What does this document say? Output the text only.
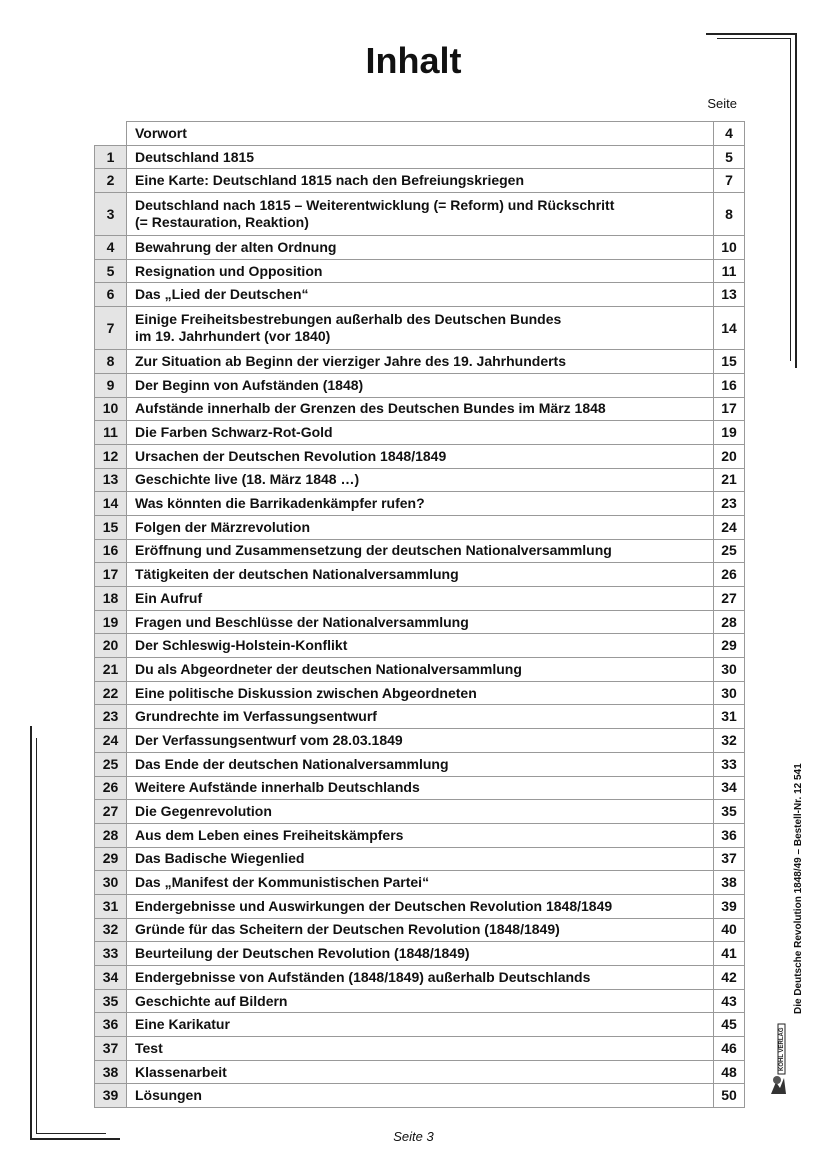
Inhalt
Seite
	Vorwort	4
1	Deutschland 1815	5
2	Eine Karte: Deutschland 1815 nach den Befreiungskriegen	7
3	Deutschland nach 1815 – Weiterentwicklung (= Reform) und Rückschritt
(= Restauration, Reaktion)	8
4	Bewahrung der alten Ordnung	10
5	Resignation und Opposition	11
6	Das „Lied der Deutschen“	13
7	Einige Freiheitsbestrebungen außerhalb des Deutschen Bundes
im 19. Jahrhundert (vor 1840)	14
8	Zur Situation ab Beginn der vierziger Jahre des 19. Jahrhunderts	15
9	Der Beginn von Aufständen (1848)	16
10	Aufstände innerhalb der Grenzen des Deutschen Bundes im März 1848	17
11	Die Farben Schwarz-Rot-Gold	19
12	Ursachen der Deutschen Revolution 1848/1849	20
13	Geschichte live (18. März 1848 …)	21
14	Was könnten die Barrikadenkämpfer rufen?	23
15	Folgen der Märzrevolution	24
16	Eröffnung und Zusammensetzung der deutschen Nationalversammlung	25
17	Tätigkeiten der deutschen Nationalversammlung	26
18	Ein Aufruf	27
19	Fragen und Beschlüsse der Nationalversammlung	28
20	Der Schleswig-Holstein-Konflikt	29
21	Du als Abgeordneter der deutschen Nationalversammlung	30
22	Eine politische Diskussion zwischen Abgeordneten	30
23	Grundrechte im Verfassungsentwurf	31
24	Der Verfassungsentwurf vom 28.03.1849	32
25	Das Ende der deutschen Nationalversammlung	33
26	Weitere Aufstände innerhalb Deutschlands	34
27	Die Gegenrevolution	35
28	Aus dem Leben eines Freiheitskämpfers	36
29	Das Badische Wiegenlied	37
30	Das „Manifest der Kommunistischen Partei“	38
31	Endergebnisse und Auswirkungen der Deutschen Revolution 1848/1849	39
32	Gründe für das Scheitern der Deutschen Revolution (1848/1849)	40
33	Beurteilung der Deutschen Revolution (1848/1849)	41
34	Endergebnisse von Aufständen (1848/1849) außerhalb Deutschlands	42
35	Geschichte auf Bildern	43
36	Eine Karikatur	45
37	Test	46
38	Klassenarbeit	48
39	Lösungen	50
Seite 3
Die Deutsche Revolution 1848/49 – Bestell-Nr. 12 541
KOHL VERLAG
